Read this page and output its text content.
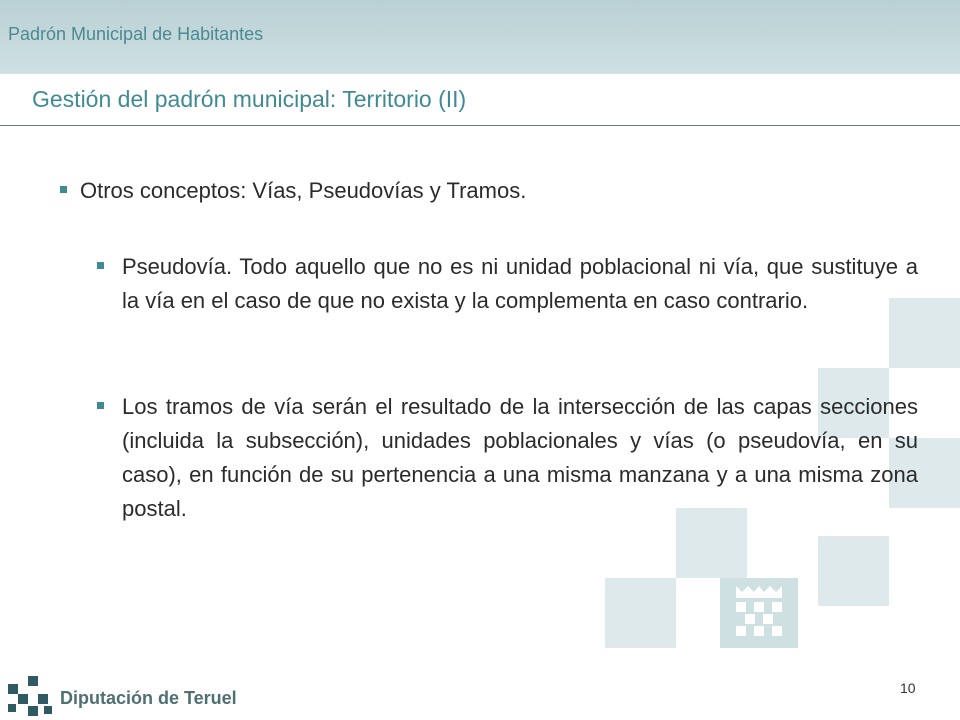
Padrón Municipal de Habitantes
Gestión del padrón municipal: Territorio (II)
Otros conceptos: Vías, Pseudovías y Tramos.
Pseudovía. Todo aquello que no es ni unidad poblacional ni vía, que sustituye a la vía en el caso de que no exista y la complementa en caso contrario.
Los tramos de vía serán el resultado de la intersección de las capas secciones (incluida la subsección), unidades poblacionales y vías (o pseudovía, en su caso), en función de su pertenencia a una misma manzana y a una misma zona postal.
Diputación de Teruel	10
